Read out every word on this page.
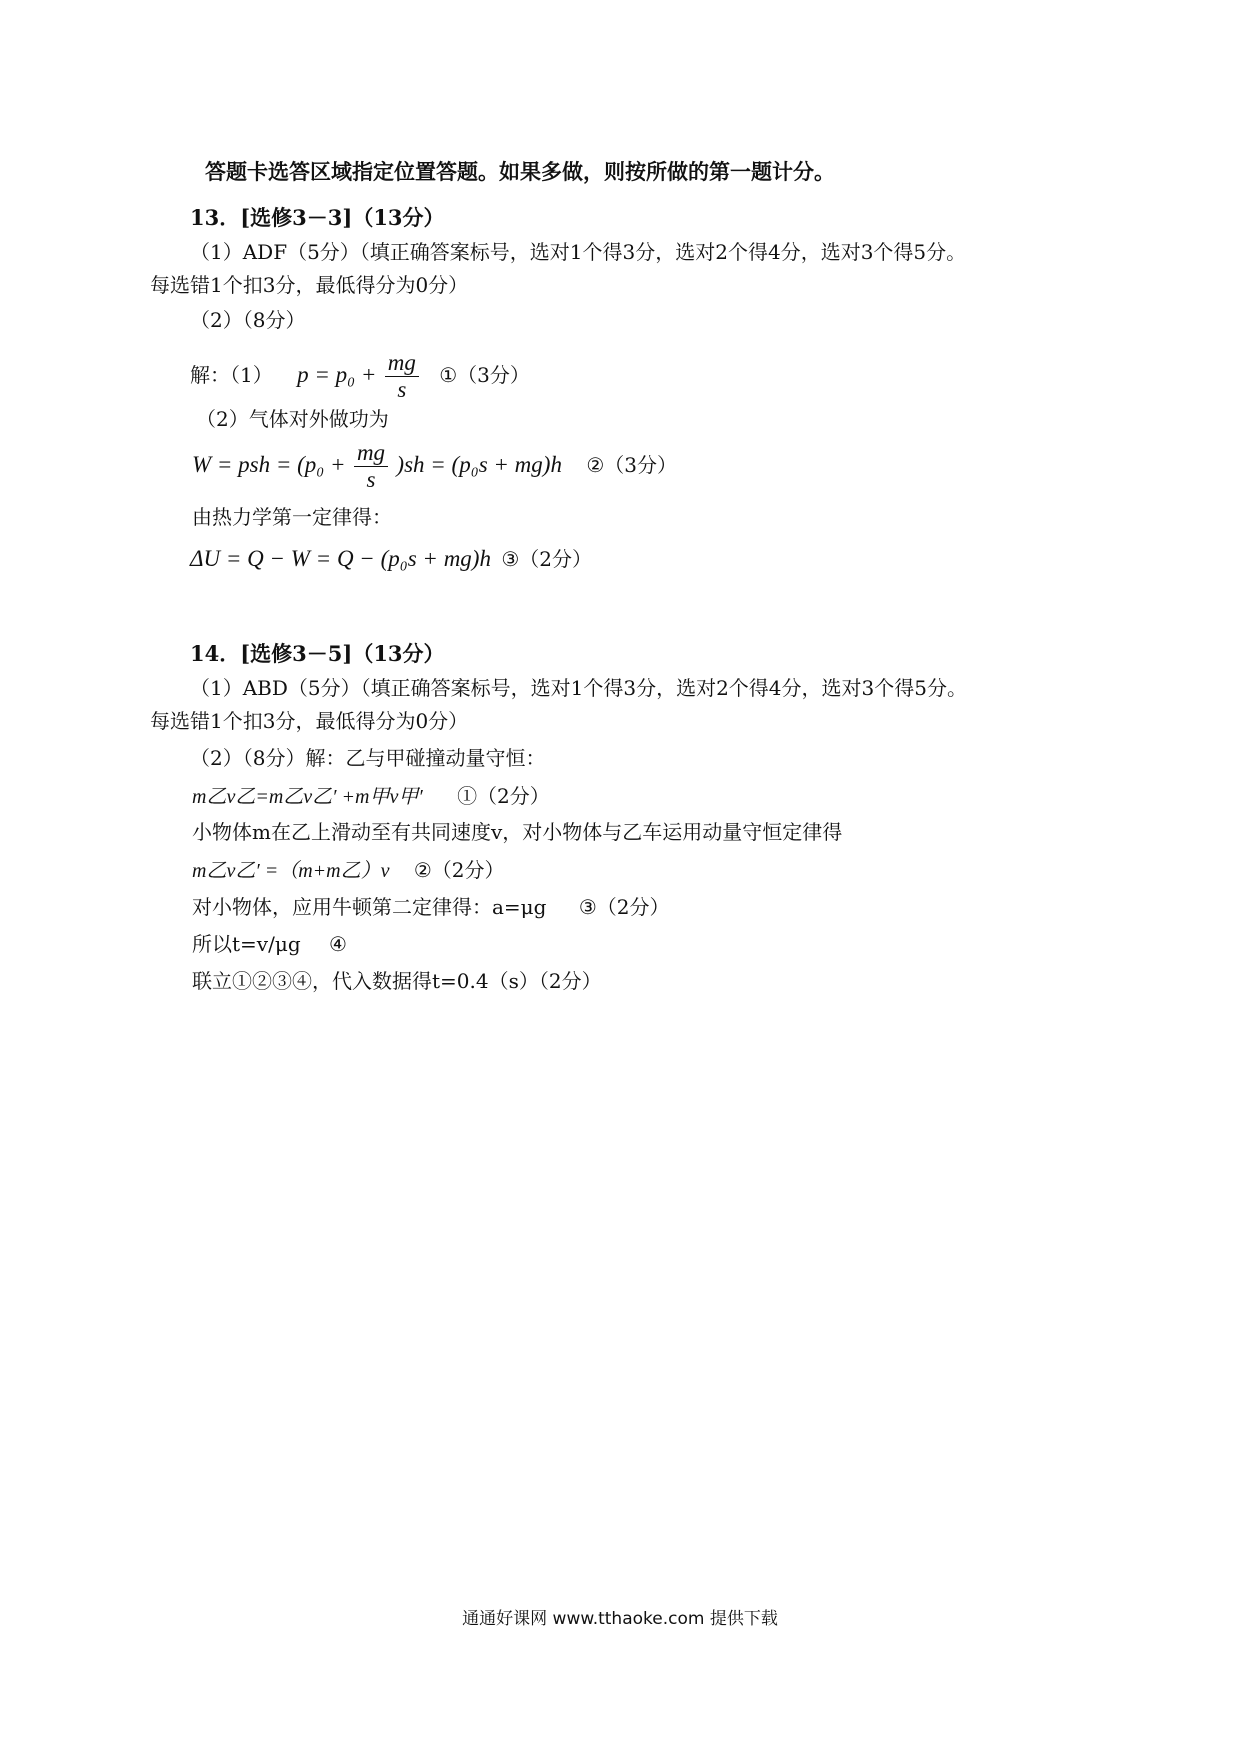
答题卡选答区域指定位置答题。如果多做，则按所做的第一题计分。
13．[选修3－3]（13分）
（1）ADF（5分）（填正确答案标号，选对1个得3分，选对2个得4分，选对3个得5分。
每选错1个扣3分，最低得分为0分）
（2）（8分）
解：（1） $p = p_0 + \frac{mg}{s}$ ①（3分）
（2）气体对外做功为
W = psh = $(p_0 + \frac{mg}{s} )sh = (p_0s + mg)h$ ②（3分）
由热力学第一定律得：
ΔU = Q − W = Q − (p₀s + mg)h ③（2分）
14．[选修3－5]（13分）
（1）ABD（5分）（填正确答案标号，选对1个得3分，选对2个得4分，选对3个得5分。
每选错1个扣3分，最低得分为0分）
（2）（8分）解：乙与甲碰撞动量守恒：
m乙v乙=m乙v乙′ +m甲v甲′ ①（2分）
小物体m在乙上滑动至有共同速度v，对小物体与乙车运用动量守恒定律得
m乙v乙′ =（m+m乙）v ②（2分）
对小物体，应用牛顿第二定律得：a=μg ③（2分）
所以t=v/μg ④
联立①②③④，代入数据得t=0.4（s）（2分）
通通好课网 www.tthaoke.com 提供下载
